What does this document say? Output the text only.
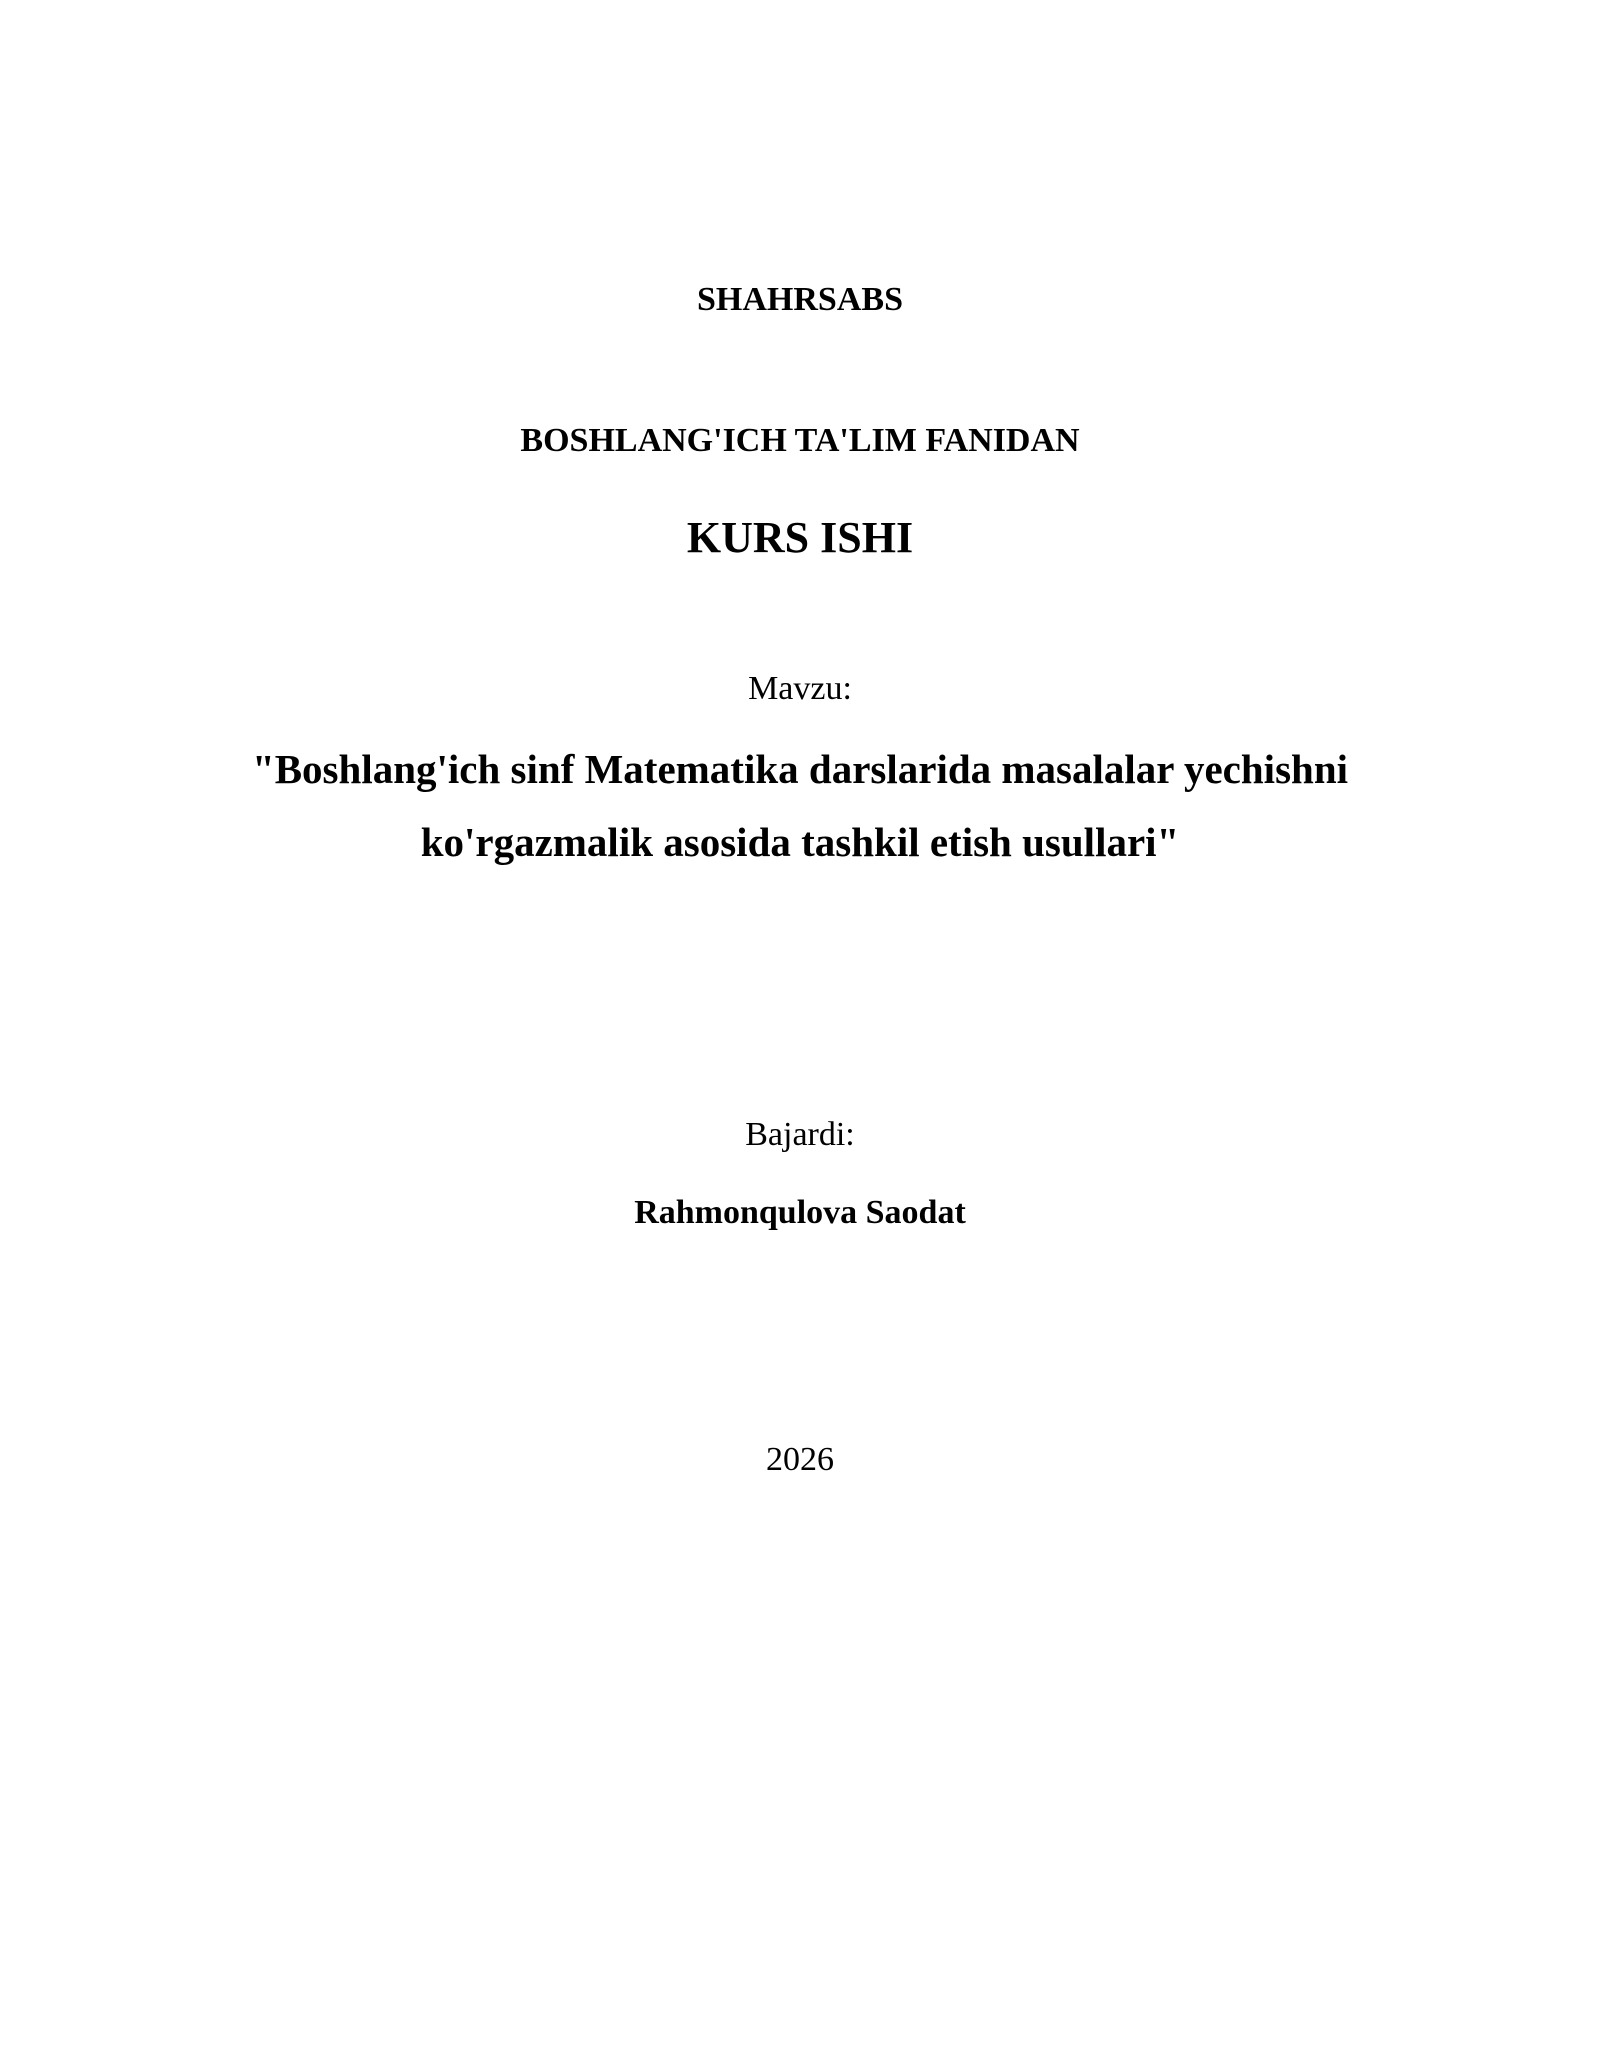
SHAHRSABS
BOSHLANG'ICH TA'LIM FANIDAN
KURS ISHI
Mavzu:
"Boshlang'ich sinf Matematika darslarida masalalar yechishni
ko'rgazmalik asosida tashkil etish usullari"
Bajardi:
Rahmonqulova Saodat
2026
